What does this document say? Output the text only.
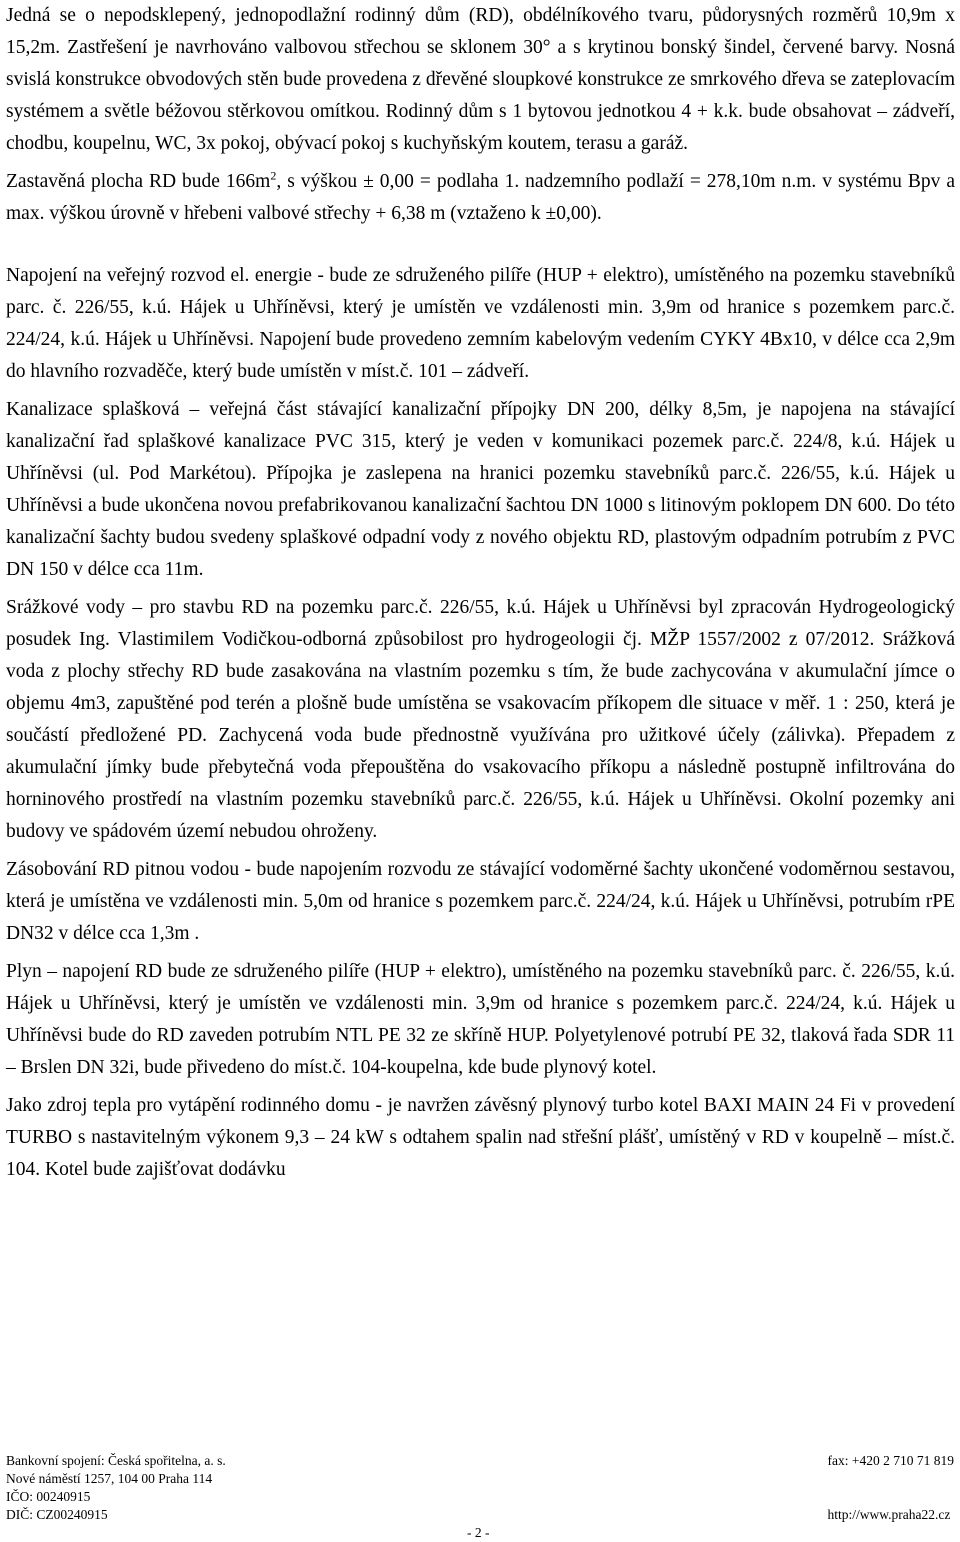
Jedná se o nepodsklepený, jednopodlažní rodinný dům (RD), obdélníkového tvaru, půdorysných rozměrů 10,9m x 15,2m. Zastřešení je navrhováno valbovou střechou se sklonem 30° a s krytinou bonský šindel, červené barvy. Nosná svislá konstrukce obvodových stěn bude provedena z dřevěné sloupkové konstrukce ze smrkového dřeva se zateplovacím systémem a světle béžovou stěrkovou omítkou. Rodinný dům s 1 bytovou jednotkou 4 + k.k. bude obsahovat – zádveří, chodbu, koupelnu, WC, 3x pokoj, obývací pokoj s kuchyňským koutem, terasu a garáž.

Zastavěná plocha RD bude $166m^2$, s výškou ± 0,00 = podlaha 1. nadzemního podlaží = 278,10m n.m. v systému Bpv a max. výškou úrovně v hřebeni valbové střechy + 6,38 m (vztaženo k ±0,00).

Napojení na veřejný rozvod el. energie - bude ze sdruženého pilíře (HUP + elektro), umístěného na pozemku stavebníků parc. č. 226/55, k.ú. Hájek u Uhříněvsi, který je umístěn ve vzdálenosti min. 3,9m od hranice s pozemkem parc.č. 224/24, k.ú. Hájek u Uhříněvsi. Napojení bude provedeno zemním kabelovým vedením CYKY 4Bx10, v délce cca 2,9m do hlavního rozvaděče, který bude umístěn v míst.č. 101 – zádveří.

Kanalizace splašková – veřejná část stávající kanalizační přípojky DN 200, délky 8,5m, je napojena na stávající kanalizační řad splaškové kanalizace PVC 315, který je veden v komunikaci pozemek parc.č. 224/8, k.ú. Hájek u Uhříněvsi (ul. Pod Markétou). Přípojka je zaslepena na hranici pozemku stavebníků parc.č. 226/55, k.ú. Hájek u Uhříněvsi a bude ukončena novou prefabrikovanou kanalizační šachtou DN 1000 s litinovým poklopem DN 600. Do této kanalizační šachty budou svedeny splaškové odpadní vody z nového objektu RD, plastovým odpadním potrubím z PVC DN 150 v délce cca 11m.

Srážkové vody – pro stavbu RD na pozemku parc.č. 226/55, k.ú. Hájek u Uhříněvsi byl zpracován Hydrogeologický posudek Ing. Vlastimilem Vodičkou-odborná způsobilost pro hydrogeologii čj. MŽP 1557/2002 z 07/2012. Srážková voda z plochy střechy RD bude zasakována na vlastním pozemku s tím, že bude zachycována v akumulační jímce o objemu 4m3, zapuštěné pod terén a plošně bude umístěna se vsakovacím příkopem dle situace v měř. 1 : 250, která je součástí předložené PD. Zachycená voda bude přednostně využívána pro užitkové účely (zálivka). Přepadem z akumulační jímky bude přebytečná voda přepouštěna do vsakovacího příkopu a následně postupně infiltrována do horninového prostředí na vlastním pozemku stavebníků parc.č. 226/55, k.ú. Hájek u Uhříněvsi. Okolní pozemky ani budovy ve spádovém území nebudou ohroženy.

Zásobování RD pitnou vodou - bude napojením rozvodu ze stávající vodoměrné šachty ukončené vodoměrnou sestavou, která je umístěna ve vzdálenosti min. 5,0m od hranice s pozemkem parc.č. 224/24, k.ú. Hájek u Uhříněvsi, potrubím rPE DN32 v délce cca 1,3m .

Plyn – napojení RD bude ze sdruženého pilíře (HUP + elektro), umístěného na pozemku stavebníků parc. č. 226/55, k.ú. Hájek u Uhříněvsi, který je umístěn ve vzdálenosti min. 3,9m od hranice s pozemkem parc.č. 224/24, k.ú. Hájek u Uhříněvsi bude do RD zaveden potrubím NTL PE 32 ze skříně HUP. Polyetylenové potrubí PE 32, tlaková řada SDR 11 – Brslen DN 32i, bude přivedeno do míst.č. 104-koupelna, kde bude plynový kotel.

Jako zdroj tepla pro vytápění rodinného domu - je navržen závěsný plynový turbo kotel BAXI MAIN 24 Fi v provedení TURBO s nastavitelným výkonem 9,3 – 24 kW s odtahem spalin nad střešní plášť, umístěný v RD v koupelně – míst.č. 104. Kotel bude zajišťovat dodávku

Bankovní spojení: Česká spořitelna, a. s.
Nové náměstí 1257, 104 00 Praha 114
IČO: 00240915
DIČ: CZ00240915
- 2 -
fax: +420 2 710 71 819
http://www.praha22.cz
